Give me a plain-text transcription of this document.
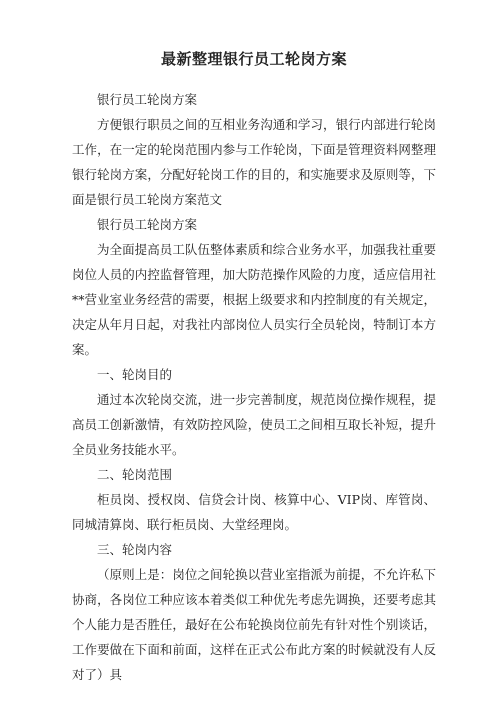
最新整理银行员工轮岗方案

银行员工轮岗方案

方便银行职员之间的互相业务沟通和学习，银行内部进行轮岗工作，在一定的轮岗范围内参与工作轮岗，下面是管理资料网整理银行轮岗方案，分配好轮岗工作的目的，和实施要求及原则等，下面是银行员工轮岗方案范文

银行员工轮岗方案

为全面提高员工队伍整体素质和综合业务水平，加强我社重要岗位人员的内控监督管理，加大防范操作风险的力度，适应信用社**营业室业务经营的需要，根据上级要求和内控制度的有关规定，决定从年月日起，对我社内部岗位人员实行全员轮岗，特制订本方案。

一、轮岗目的

通过本次轮岗交流，进一步完善制度，规范岗位操作规程，提高员工创新激情，有效防控风险，使员工之间相互取长补短，提升全员业务技能水平。

二、轮岗范围

柜员岗、授权岗、信贷会计岗、核算中心、VIP岗、库管岗、同城清算岗、联行柜员岗、大堂经理岗。

三、轮岗内容

（原则上是：岗位之间轮换以营业室指派为前提，不允许私下协商，各岗位工种应该本着类似工种优先考虑先调换，还要考虑其个人能力是否胜任，最好在公布轮换岗位前先有针对性个别谈话，工作要做在下面和前面，这样在正式公布此方案的时候就没有人反对了）具
